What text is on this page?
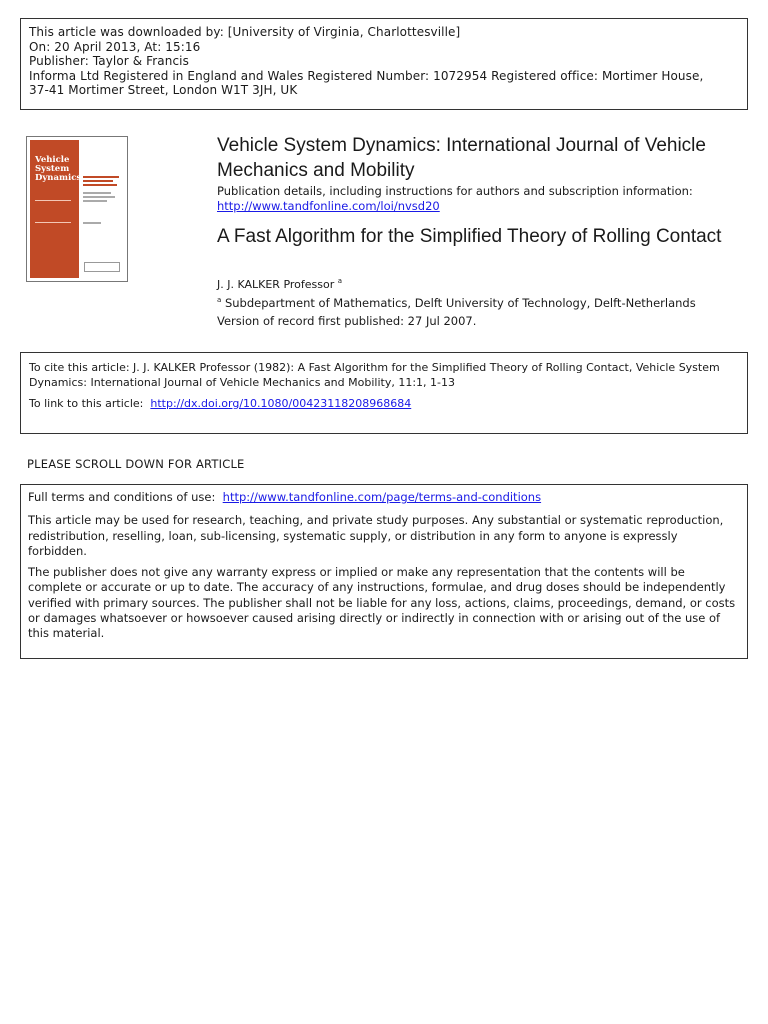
This article was downloaded by: [University of Virginia, Charlottesville]
On: 20 April 2013, At: 15:16
Publisher: Taylor & Francis
Informa Ltd Registered in England and Wales Registered Number: 1072954 Registered office: Mortimer House,
37-41 Mortimer Street, London W1T 3JH, UK
Vehicle
System
Dynamics
Vehicle System Dynamics: International Journal of Vehicle Mechanics and Mobility
Publication details, including instructions for authors and subscription information:
http://www.tandfonline.com/loi/nvsd20
A Fast Algorithm for the Simplified Theory of Rolling Contact
J. J. KALKER Professor $^a$
$^a$ Subdepartment of Mathematics, Delft University of Technology, Delft-Netherlands
Version of record first published: 27 Jul 2007.
To cite this article: J. J. KALKER Professor (1982): A Fast Algorithm for the Simplified Theory of Rolling Contact, Vehicle System Dynamics: International Journal of Vehicle Mechanics and Mobility, 11:1, 1-13
To link to this article: http://dx.doi.org/10.1080/00423118208968684
PLEASE SCROLL DOWN FOR ARTICLE

Full terms and conditions of use: http://www.tandfonline.com/page/terms-and-conditions

This article may be used for research, teaching, and private study purposes. Any substantial or systematic reproduction, redistribution, reselling, loan, sub-licensing, systematic supply, or distribution in any form to anyone is expressly forbidden.

The publisher does not give any warranty express or implied or make any representation that the contents will be complete or accurate or up to date. The accuracy of any instructions, formulae, and drug doses should be independently verified with primary sources. The publisher shall not be liable for any loss, actions, claims, proceedings, demand, or costs or damages whatsoever or howsoever caused arising directly or indirectly in connection with or arising out of the use of this material.
